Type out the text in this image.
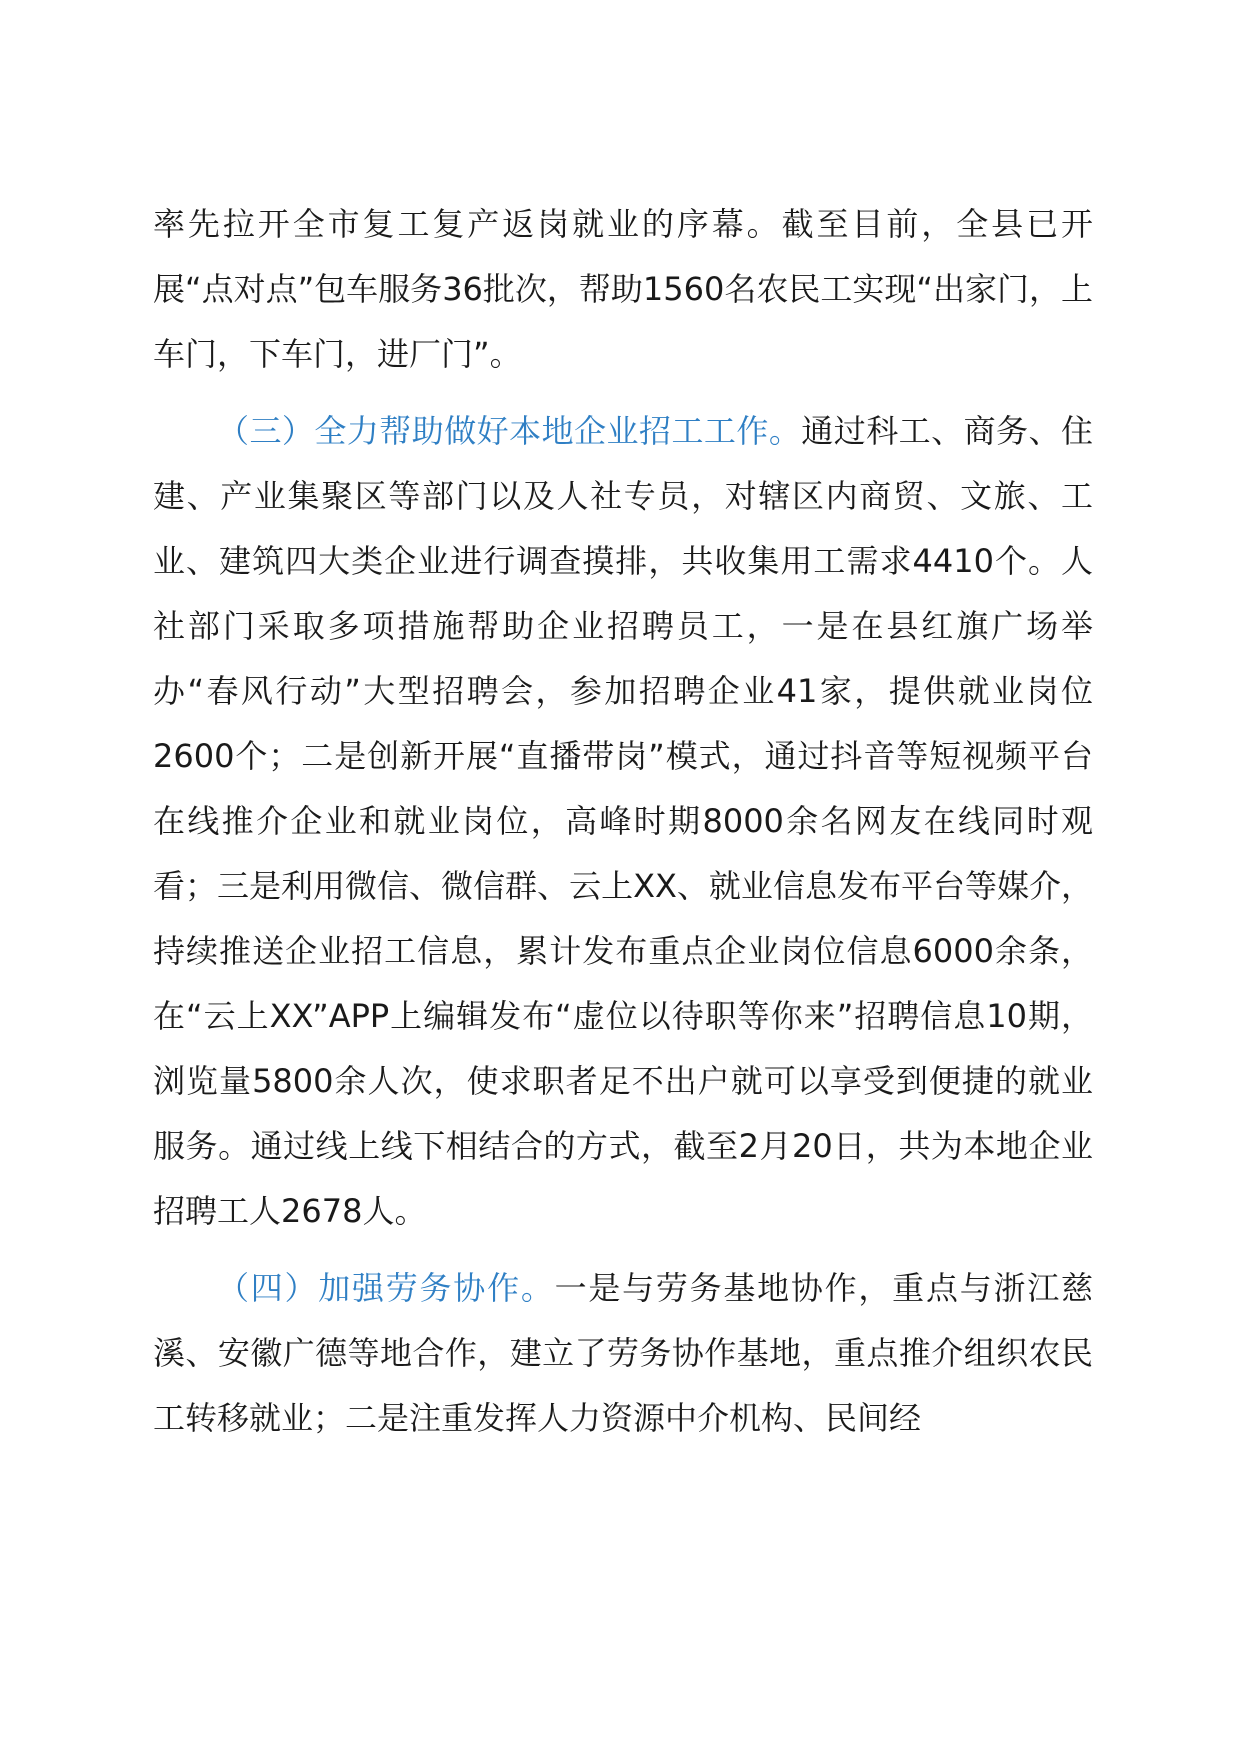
率先拉开全市复工复产返岗就业的序幕。截至目前，全县已开展“点对点”包车服务36批次，帮助1560名农民工实现“出家门，上车门，下车门，进厂门”。

（三）全力帮助做好本地企业招工工作。通过科工、商务、住建、产业集聚区等部门以及人社专员，对辖区内商贸、文旅、工业、建筑四大类企业进行调查摸排，共收集用工需求4410个。人社部门采取多项措施帮助企业招聘员工，一是在县红旗广场举办“春风行动”大型招聘会，参加招聘企业41家，提供就业岗位2600个；二是创新开展“直播带岗”模式，通过抖音等短视频平台在线推介企业和就业岗位，高峰时期8000余名网友在线同时观看；三是利用微信、微信群、云上XX、就业信息发布平台等媒介，持续推送企业招工信息，累计发布重点企业岗位信息6000余条，在“云上XX”APP上编辑发布“虚位以待职等你来”招聘信息10期，浏览量5800余人次，使求职者足不出户就可以享受到便捷的就业服务。通过线上线下相结合的方式，截至2月20日，共为本地企业招聘工人2678人。

（四）加强劳务协作。一是与劳务基地协作，重点与浙江慈溪、安徽广德等地合作，建立了劳务协作基地，重点推介组织农民工转移就业；二是注重发挥人力资源中介机构、民间经
